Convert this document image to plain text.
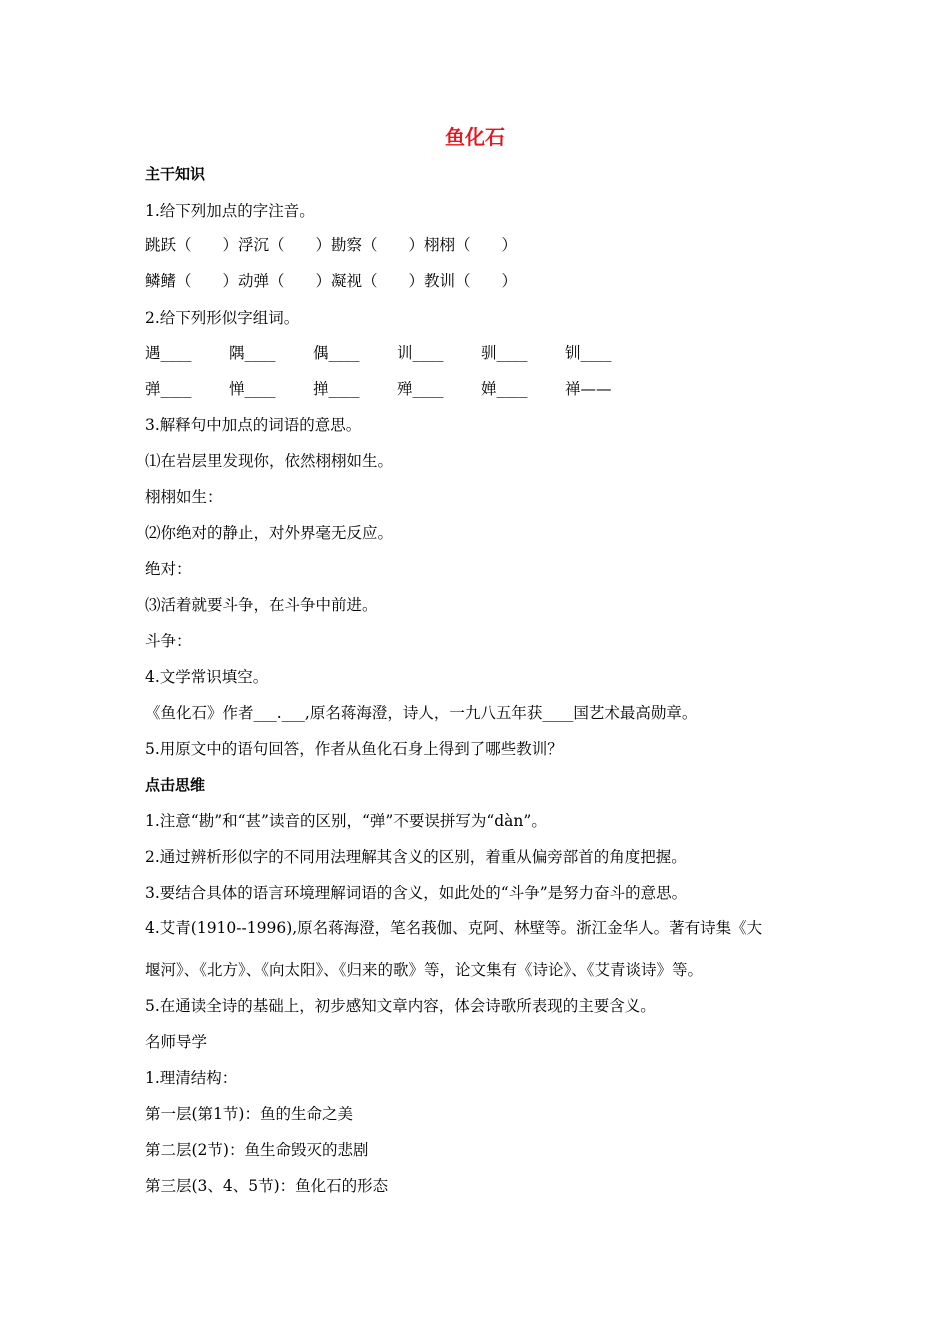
鱼化石
主干知识
1.给下列加点的字注音。
跳跃（　　）浮沉（　　）勘察（　　）栩栩（　　）
鳞鳍（　　）动弹（　　）凝视（　　）教训（　　）
2.给下列形似字组词。
遇____ 隅____ 偶____ 训____ 驯____ 钏____
弹____ 惮____ 掸____ 殚____ 婵____ 禅——
3.解释句中加点的词语的意思。
⑴在岩层里发现你，依然栩栩如生。
栩栩如生：
⑵你绝对的静止，对外界毫无反应。
绝对：
⑶活着就要斗争，在斗争中前进。
斗争：
4.文学常识填空。
《鱼化石》作者___.___,原名蒋海澄，诗人，一九八五年获____国艺术最高勋章。
5.用原文中的语句回答，作者从鱼化石身上得到了哪些教训？
点击思维
1.注意“勘”和“甚”读音的区别，“弹”不要误拼写为“dàn”。
2.通过辨析形似字的不同用法理解其含义的区别，着重从偏旁部首的角度把握。
3.要结合具体的语言环境理解词语的含义，如此处的“斗争”是努力奋斗的意思。
4.艾青(1910--1996),原名蒋海澄，笔名莪伽、克阿、林壁等。浙江金华人。著有诗集《大
堰河》、《北方》、《向太阳》、《归来的歌》等，论文集有《诗论》、《艾青谈诗》等。
5.在通读全诗的基础上，初步感知文章内容，体会诗歌所表现的主要含义。
名师导学
1.理清结构：
第一层(第1节)：鱼的生命之美
第二层(2节)：鱼生命毁灭的悲剧
第三层(3、4、5节)：鱼化石的形态
